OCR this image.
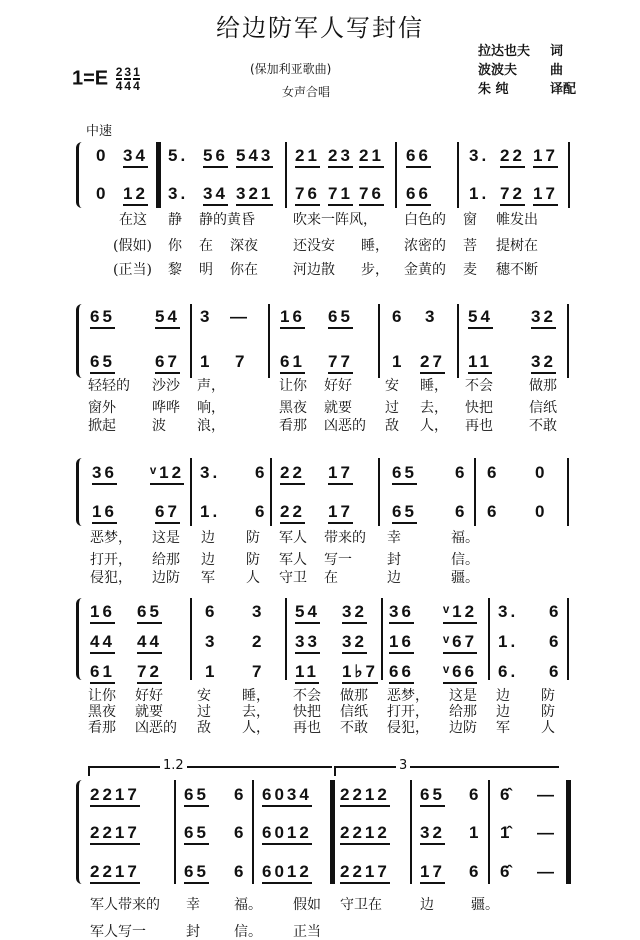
给边防军人写封信
$1=E \frac{2}{4} \frac{3}{4} \frac{1}{4}$	(保加利亚歌曲)
女声合唱
拉达也夫 词
波波夫	曲
朱 纯	译配
中速
0 34 5. 56 543 21 23 21 66 3. 22 17
0 12 3. 34 321 76 71 76 66 1. 72 17
在这 静 静的黄昏	吹来一阵风， 白色的 窗 帷发出
(假如) 你 在 深夜	还没安 睡， 浓密的 菩 提树在
(正当) 黎 明 你在	河边散 步， 金黄的 麦 穗不断
65 54 3 — 16 65 6 3 54 32
65 67 1 7 61 77 1 27 11 32
轻轻的 沙沙 声，	让你 好好 安 睡， 不会	做那
窗外	哗哗 响，	黑夜 就要 过 去， 快把	信纸
掀起	波 浪，	看那 凶恶的 敌 人， 再也	不敢
36 ᵛ12 3. 6 22 17 65 6 6 0
16 67 1. 6 22 17 65 6 6 0
恶梦， 这是 边 防 军人 带来的 幸	福。
打开， 给那 边 防 军人 写一	封	信。
侵犯， 边防 军 人 守卫 在	边	疆。
16 65	6 3 54 32 36 ᵛ12 3. 6
44 44	3 2 33 32 16 ᵛ67 1. 6
61 72	1 7 11 1♭7 66 ᵛ66 6. 6
让你 好好 安 睡， 不会 做那 恶梦， 这是 边 防
黑夜 就要 过 去， 快把 信纸 打开， 给那 边 防
看那 凶恶的 敌 人， 再也 不敢 侵犯， 边防 军 人
1.2	3
2217	65 6 6034 2212 65 6 6̂ —
2217	65 6 6012 2212 32 1 1̂ —
2217	65 6 6012 2217 17 6 6̂ —
军人带来的 幸 福。 假如 守卫在	边	疆。
军人写一	封 信。 正当
